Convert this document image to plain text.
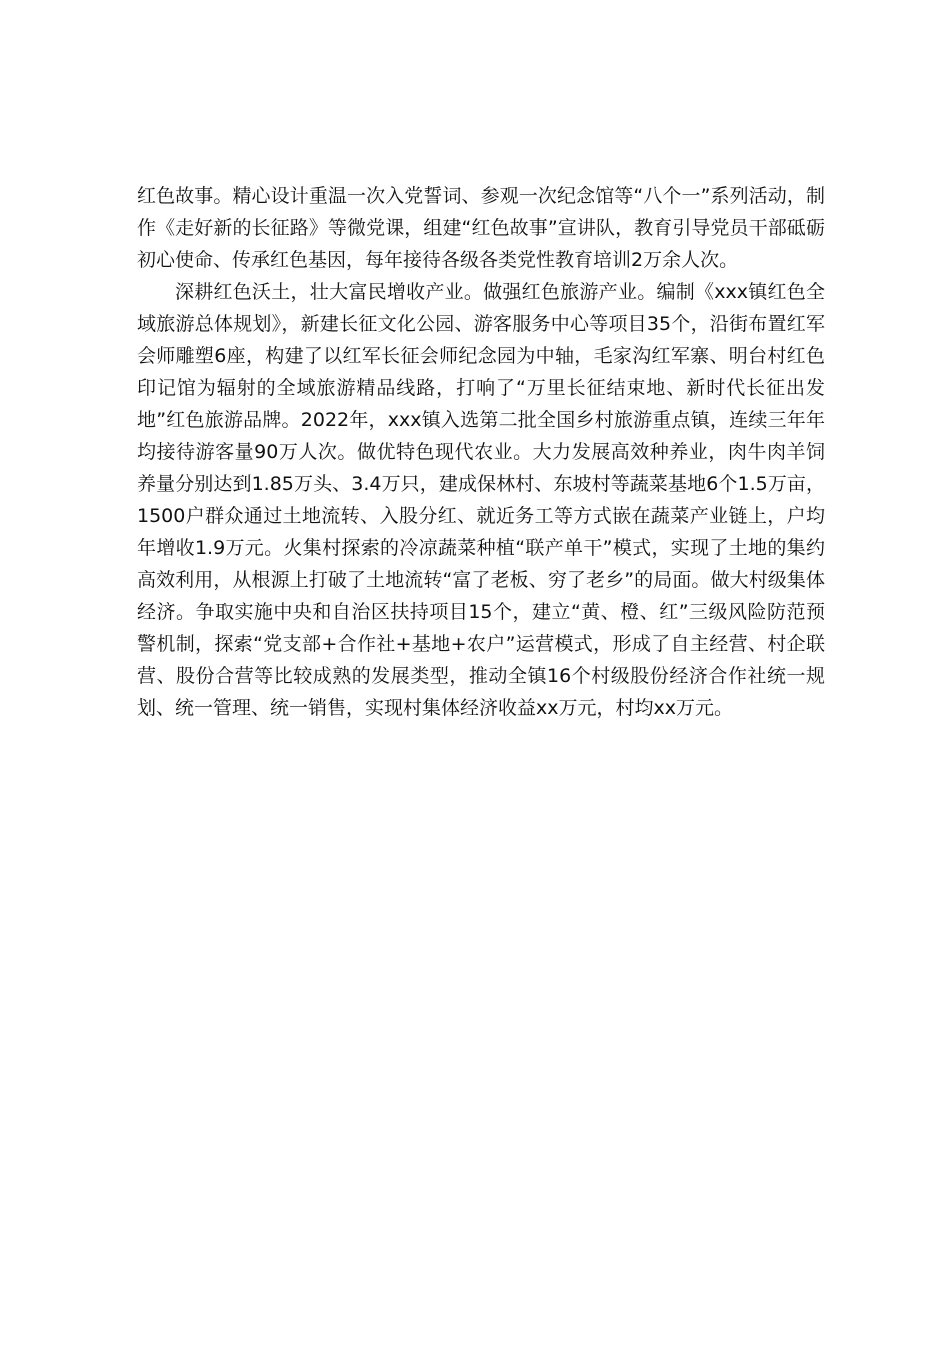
红色故事。精心设计重温一次入党誓词、参观一次纪念馆等“八个一”系列活动，制作《走好新的长征路》等微党课，组建“红色故事”宣讲队，教育引导党员干部砥砺初心使命、传承红色基因，每年接待各级各类党性教育培训2万余人次。

深耕红色沃土，壮大富民增收产业。做强红色旅游产业。编制《xxx镇红色全域旅游总体规划》，新建长征文化公园、游客服务中心等项目35个，沿街布置红军会师雕塑6座，构建了以红军长征会师纪念园为中轴，毛家沟红军寨、明台村红色印记馆为辐射的全域旅游精品线路，打响了“万里长征结束地、新时代长征出发地”红色旅游品牌。2022年，xxx镇入选第二批全国乡村旅游重点镇，连续三年年均接待游客量90万人次。做优特色现代农业。大力发展高效种养业，肉牛肉羊饲养量分别达到1.85万头、3.4万只，建成保林村、东坡村等蔬菜基地6个1.5万亩，1500户群众通过土地流转、入股分红、就近务工等方式嵌在蔬菜产业链上，户均年增收1.9万元。火集村探索的冷凉蔬菜种植“联产单干”模式，实现了土地的集约高效利用，从根源上打破了土地流转“富了老板、穷了老乡”的局面。做大村级集体经济。争取实施中央和自治区扶持项目15个，建立“黄、橙、红”三级风险防范预警机制，探索“党支部+合作社+基地+农户”运营模式，形成了自主经营、村企联营、股份合营等比较成熟的发展类型，推动全镇16个村级股份经济合作社统一规划、统一管理、统一销售，实现村集体经济收益xx万元，村均xx万元。
